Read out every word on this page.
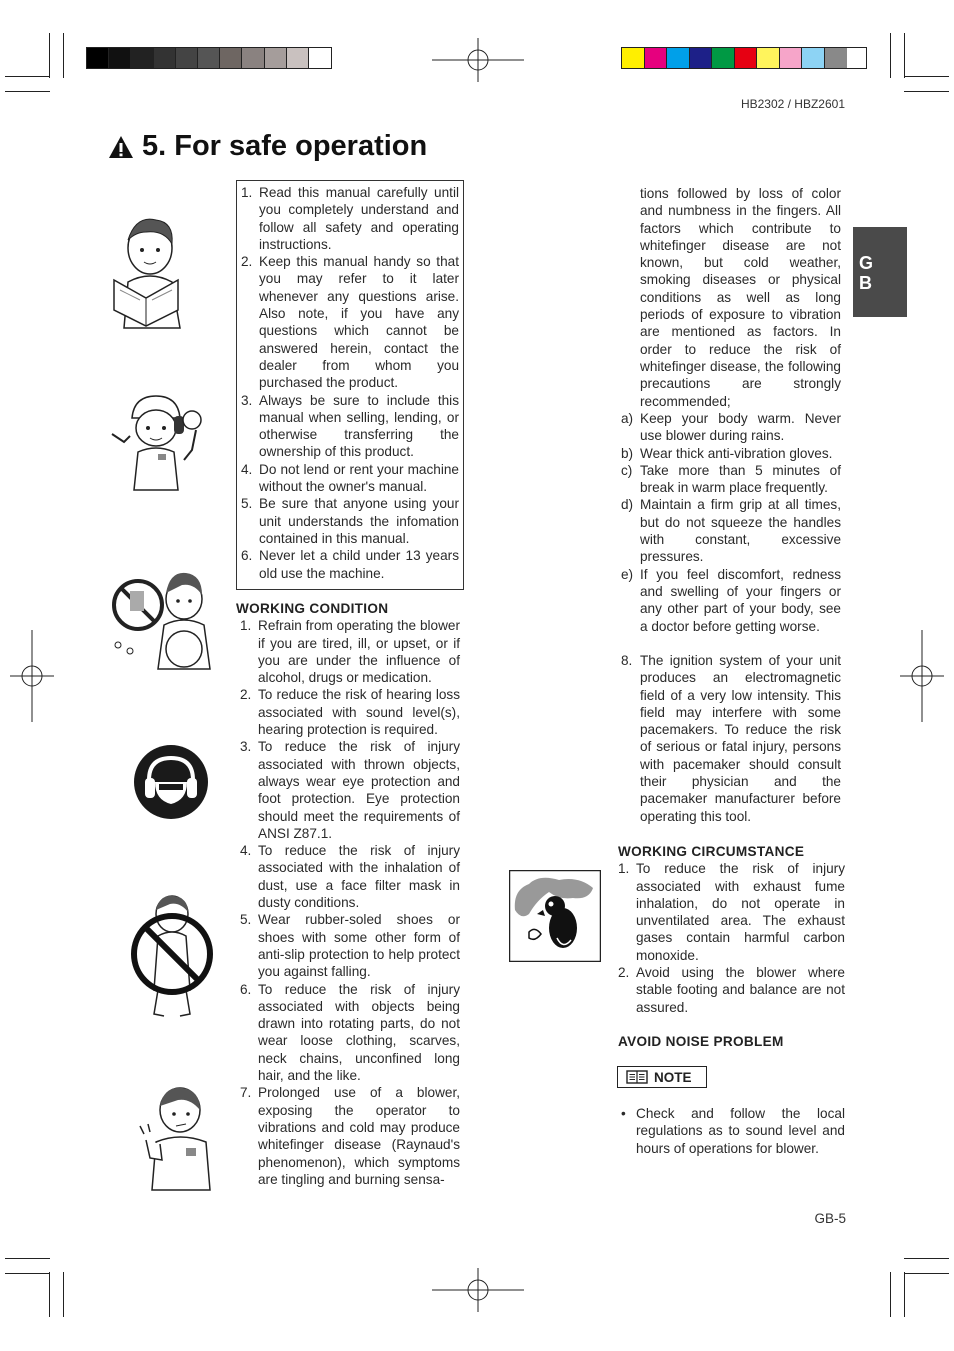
HB2302 / HBZ2601
5. For safe operation
G
B
1. Read this manual carefully until you completely understand and follow all safety and operating instructions.
2. Keep this manual handy so that you may refer to it later whenever any questions arise. Also note, if you have any questions which cannot be answered herein, contact the dealer from whom you purchased the product.
3. Always be sure to include this manual when selling, lending, or otherwise transferring the ownership of this product.
4. Do not lend or rent your machine without the owner's manual.
5. Be sure that anyone using your unit understands the infomation contained in this manual.
6. Never let a child under 13 years old use the machine.
WORKING CONDITION
1. Refrain from operating the blower if you are tired, ill, or upset, or if you are under the influence of alcohol, drugs or medication.
2. To reduce the risk of hearing loss associated with sound level(s), hearing protection is required.
3. To reduce the risk of injury associated with thrown objects, always wear eye protection and foot protection. Eye protection should meet the requirements of ANSI Z87.1.
4. To reduce the risk of injury associated with the inhalation of dust, use a face filter mask in dusty conditions.
5. Wear rubber-soled shoes or shoes with some other form of anti-slip protection to help protect you against falling.
6. To reduce the risk of injury associated with objects being drawn into rotating parts, do not wear loose clothing, scarves, neck chains, unconfined long hair, and the like.
7. Prolonged use of a blower, exposing the operator to vibrations and cold may produce whitefinger disease (Raynaud's phenomenon), which symptoms are tingling and burning sensa-
tions followed by loss of color and numbness in the fingers. All factors which contribute to whitefinger disease are not known, but cold weather, smoking diseases or physical conditions as well as long periods of exposure to vibration are mentioned as factors. In order to reduce the risk of whitefinger disease, the following precautions are strongly recommended;
a) Keep your body warm. Never use blower during rains.
b) Wear thick anti-vibration gloves.
c) Take more than 5 minutes of break in warm place frequently.
d) Maintain a firm grip at all times, but do not squeeze the handles with constant, excessive pressures.
e) If you feel discomfort, redness and swelling of your fingers or any other part of your body, see a doctor before getting worse.
8. The ignition system of your unit produces an electromagnetic field of a very low intensity. This field may interfere with some pacemakers. To reduce the risk of serious or fatal injury, persons with pacemaker should consult their physician and the pacemaker manufacturer before operating this tool.
WORKING CIRCUMSTANCE
1. To reduce the risk of injury associated with exhaust fume inhalation, do not operate in unventilated area. The exhaust gases contain harmful carbon monoxide.
2. Avoid using the blower where stable footing and balance are not assured.
AVOID NOISE PROBLEM
NOTE
• Check and follow the local regulations as to sound level and hours of operations for blower.
GB-5
